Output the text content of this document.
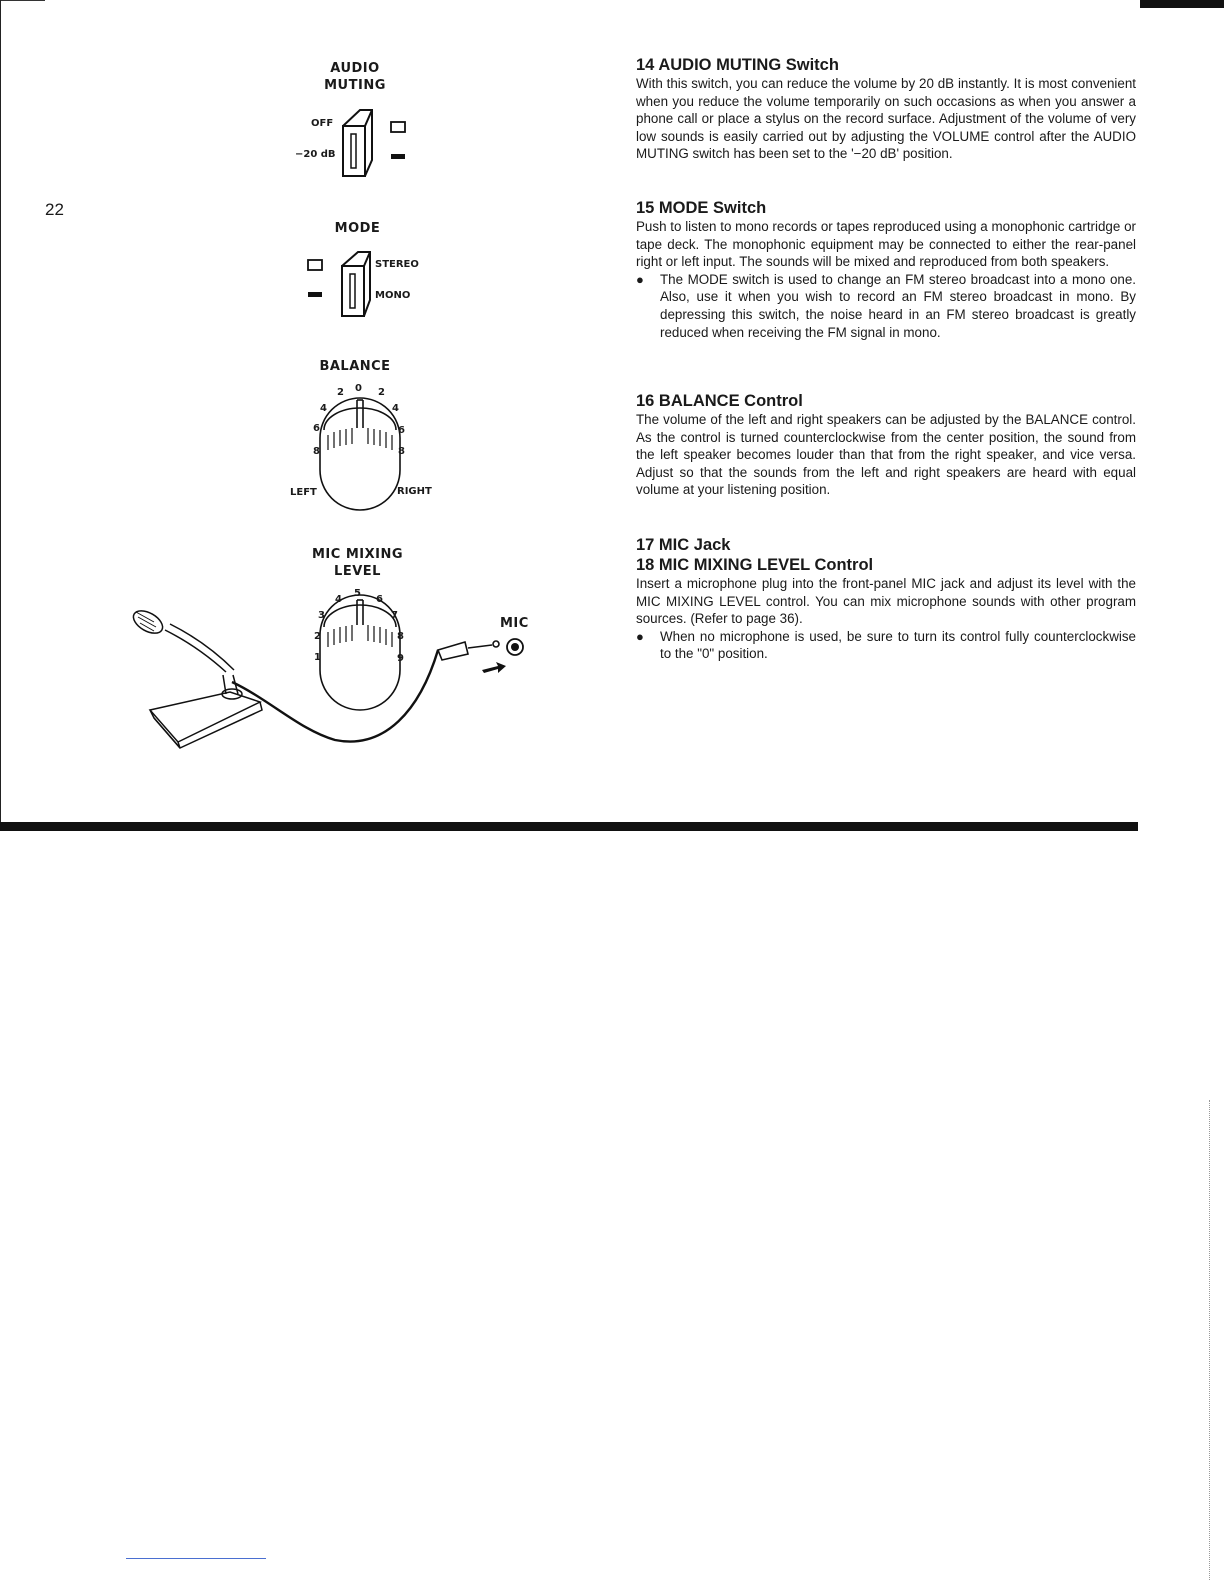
22
AUDIO
MUTING
OFF
−20 dB
MODE
STEREO
MONO
BALANCE
2 0 2
4
6
8
4
6
8
LEFT	RIGHT
MIC MIXING
LEVEL
4
5
6
3
2
1
7
8
9
MIC
14 AUDIO MUTING Switch

With this switch, you can reduce the volume by 20 dB instantly. It is most convenient when you reduce the volume temporarily on such occasions as when you answer a phone call or place a stylus on the record surface. Adjustment of the volume of very low sounds is easily carried out by adjusting the VOLUME control after the AUDIO MUTING switch has been set to the '−20 dB' position.

15 MODE Switch

Push to listen to mono records or tapes reproduced using a monophonic cartridge or tape deck. The monophonic equipment may be connected to either the rear-panel right or left input. The sounds will be mixed and reproduced from both speakers.

●	The MODE switch is used to change an FM stereo broadcast into a mono one. Also, use it when you wish to record an FM stereo broadcast in mono. By depressing this switch, the noise heard in an FM stereo broadcast is greatly reduced when receiving the FM signal in mono.
16 BALANCE Control

The volume of the left and right speakers can be adjusted by the BALANCE control. As the control is turned counterclockwise from the center position, the sound from the left speaker becomes louder than that from the right speaker, and vice versa. Adjust so that the sounds from the left and right speakers are heard with equal volume at your listening position.

17 MIC Jack
18 MIC MIXING LEVEL Control

Insert a microphone plug into the front-panel MIC jack and adjust its level with the MIC MIXING LEVEL control. You can mix microphone sounds with other program sources. (Refer to page 36).

●	When no microphone is used, be sure to turn its control fully counterclockwise to the "0" position.
